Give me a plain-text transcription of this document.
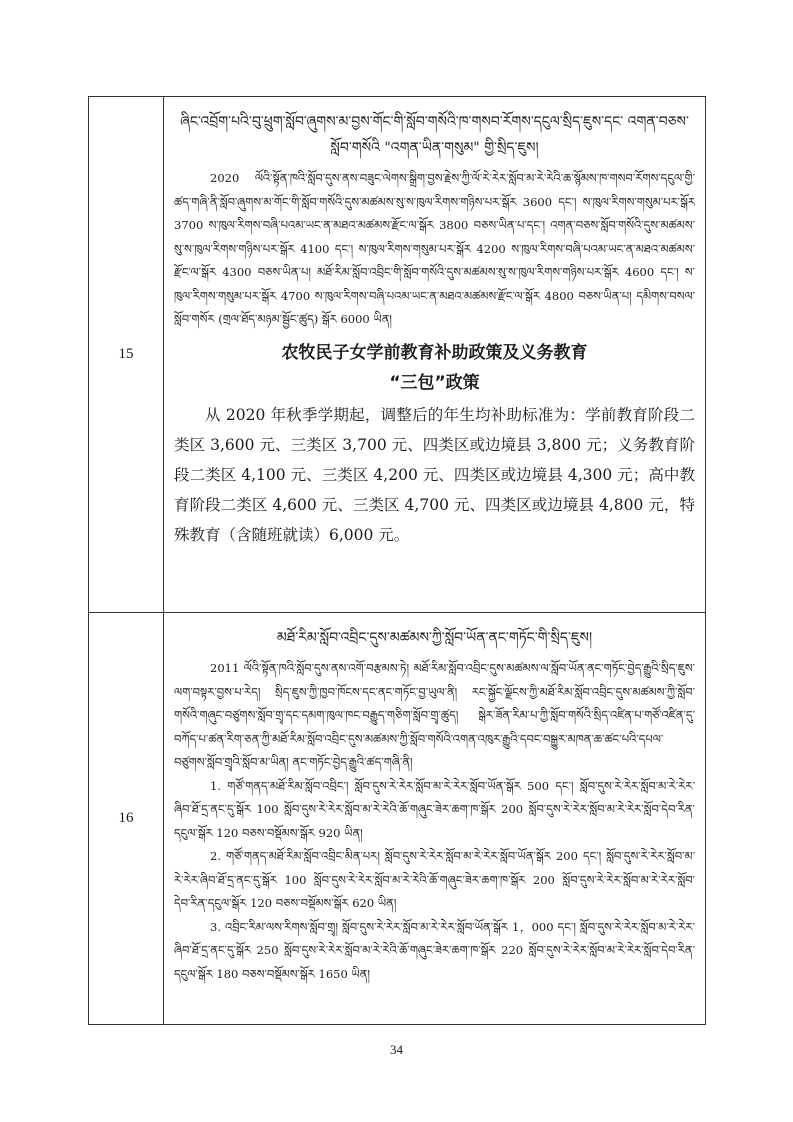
15	ཞིང་འབྲོག་པའི་བུ་ཕྲུག་སློབ་ཞུགས་མ་བྱས་གོང་གི་སློབ་གསོའི་ཁ་གསབ་རོགས་དངུལ་སྲིད་ཇུས་དང་ འགན་བཅས་སློབ་གསོའི "འགན་ཡིན་གསུམ" གྱི་སྲིད་ཇུས།

2020 ལོའི་སྟོན་ཁའི་སློབ་དུས་ནས་བཟུང་ལེགས་སྒྲིག་བྱས་རྗེས་ཀྱི་ལོ་རེ་རེར་སློབ་མ་རེ་རེའི་ཆ་སྙོམས་ཁ་གསབ་རོགས་དངུལ་གྱི་ཚད་གཞི་ནི་སློབ་ཞུགས་མ་གོང་གི་སློབ་གསོའི་དུས་མཚམས་སུ་ས་ཁུལ་རིགས་གཉིས་པར་སྒོར 3600 དང་། ས་ཁུལ་རིགས་གསུམ་པར་སྒོར 3700 ས་ཁུལ་རིགས་བཞི་པའམ་ཡང་ན་མཐའ་མཚམས་རྫོང་ལ་སྒོར 3800 བཅས་ཡིན་པ་དང་། འགན་བཅས་སློབ་གསོའི་དུས་མཚམས་སུ་ས་ཁུལ་རིགས་གཉིས་པར་སྒོར 4100 དང་། ས་ཁུལ་རིགས་གསུམ་པར་སྒོར 4200 ས་ཁུལ་རིགས་བཞི་པའམ་ཡང་ན་མཐའ་མཚམས་རྫོང་ལ་སྒོར 4300 བཅས་ཡིན་པ། མཐོ་རིམ་སློབ་འབྲིང་གི་སློབ་གསོའི་དུས་མཚམས་སུ་ས་ཁུལ་རིགས་གཉིས་པར་སྒོར 4600 དང་། ས་ཁུལ་རིགས་གསུམ་པར་སྒོར 4700 ས་ཁུལ་རིགས་བཞི་པའམ་ཡང་ན་མཐའ་མཚམས་རྫོང་ལ་སྒོར 4800 བཅས་ཡིན་པ། དམིགས་བསལ་སློབ་གསོར (གྲལ་ཐོད་མཉམ་སྦྱོང་ཚུད) སྒོར 6000 ཡིན།

农牧民子女学前教育补助政策及义务教育
“三包”政策

从 2020 年秋季学期起，调整后的年生均补助标准为：学前教育阶段二类区 3,600 元、三类区 3,700 元、四类区或边境县 3,800 元；义务教育阶段二类区 4,100 元、三类区 4,200 元、四类区或边境县 4,300 元；高中教育阶段二类区 4,600 元、三类区 4,700 元、四类区或边境县 4,800 元，特殊教育（含随班就读）6,000 元。

16	མཐོ་རིམ་སློབ་འབྲིང་དུས་མཚམས་ཀྱི་སློབ་ཡོན་ནང་གཏོང་གི་སྲིད་ཇུས།

2011 ལོའི་སྟོན་ཁའི་སློབ་དུས་ནས་འགོ་བརྩམས་ཏེ། མཐོ་རིམ་སློབ་འབྲིང་དུས་མཚམས་ལ་སློབ་ཡོན་ནང་གཏོང་བྱེད་རྒྱུའི་སྲིད་ཇུས་ལག་བསྟར་བྱས་པ་རེད། སྲིད་ཇུས་ཀྱི་ཁྱབ་ཁོངས་དང་ནང་གཏོང་བྱ་ཡུལ་ནི། རང་སྐྱོང་ལྗོངས་ཀྱི་མཐོ་རིམ་སློབ་འབྲིང་དུས་མཚམས་ཀྱི་སློབ་གསོའི་གཞུང་བཙུགས་སློབ་གྲྭ་དང་དམག་ཁུལ་ཁང་བརྒྱུད་གཅིག་སློབ་གྲྭ་ཚུད། སྒེར་ཟོན་རིམ་པ་ཀྱི་སློབ་གསོའི་སྲིད་འཛིན་པ་གཙོ་འཛིན་དུ་བཀོད་པ་ཚན་རིག་ཅན་ཀྱི་མཐོ་རིམ་སློབ་འབྲིང་དུས་མཚམས་ཀྱི་སློབ་གསོའི་འགན་འཁུར་རྒྱུའི་དབང་བསྒྱུར་མཁན་ཆ་ཚང་པའི་དཔལ་བཙུགས་སློབ་གྲྭའི་སློབ་མ་ཡིན། ནང་གཏོང་བྱེད་རྒྱུའི་ཚད་གཞི་ནི།

1. གཙོ་གནད་མཐོ་རིམ་སློབ་འབྲིང་། སློབ་དུས་རེ་རེར་སློབ་མ་རེ་རེར་སློབ་ཡོན་སྒོར 500 དང་། སློབ་དུས་རེ་རེར་སློབ་མ་རེ་རེར་ཞིབ་ཐོ་དྲ་ནང་དུ་སྒོར 100 སློབ་དུས་རེ་རེར་སློབ་མ་རེ་རེའི་ཆོ་གཞུང་ཟེར་ཆག་ཁ་སྒོར 200 སློབ་དུས་རེ་རེར་སློབ་མ་རེ་རེར་སློབ་དེབ་རིན་དངུལ་སྒོར 120 བཅས་བསྡོམས་སྒོར 920 ཡིན།

2. གཙོ་གནད་མཐོ་རིམ་སློབ་འབྲིང་མིན་པར། སློབ་དུས་རེ་རེར་སློབ་མ་རེ་རེར་སློབ་ཡོན་སྒོར 200 དང་། སློབ་དུས་རེ་རེར་སློབ་མ་རེ་རེར་ཞིབ་ཐོ་དྲ་ནང་དུ་སྒོར 100 སློབ་དུས་རེ་རེར་སློབ་མ་རེ་རེའི་ཆོ་གཞུང་ཟེར་ཆག་ཁ་སྒོར 200 སློབ་དུས་རེ་རེར་སློབ་མ་རེ་རེར་སློབ་དེབ་རིན་དངུལ་སྒོར 120 བཅས་བསྡོམས་སྒོར 620 ཡིན།

3. འབྲིང་རིམ་ལས་རིགས་སློབ་གྲྭ། སློབ་དུས་རེ་རེར་སློབ་མ་རེ་རེར་སློབ་ཡོན་སྒོར 1，000 དང་། སློབ་དུས་རེ་རེར་སློབ་མ་རེ་རེར་ཞིབ་ཐོ་དྲ་ནང་དུ་སྒོར 250 སློབ་དུས་རེ་རེར་སློབ་མ་རེ་རེའི་ཆོ་གཞུང་ཟེར་ཆག་ཁ་སྒོར 220 སློབ་དུས་རེ་རེར་སློབ་མ་རེ་རེར་སློབ་དེབ་རིན་དངུལ་སྒོར 180 བཅས་བསྡོམས་སྒོར 1650 ཡིན།

34
